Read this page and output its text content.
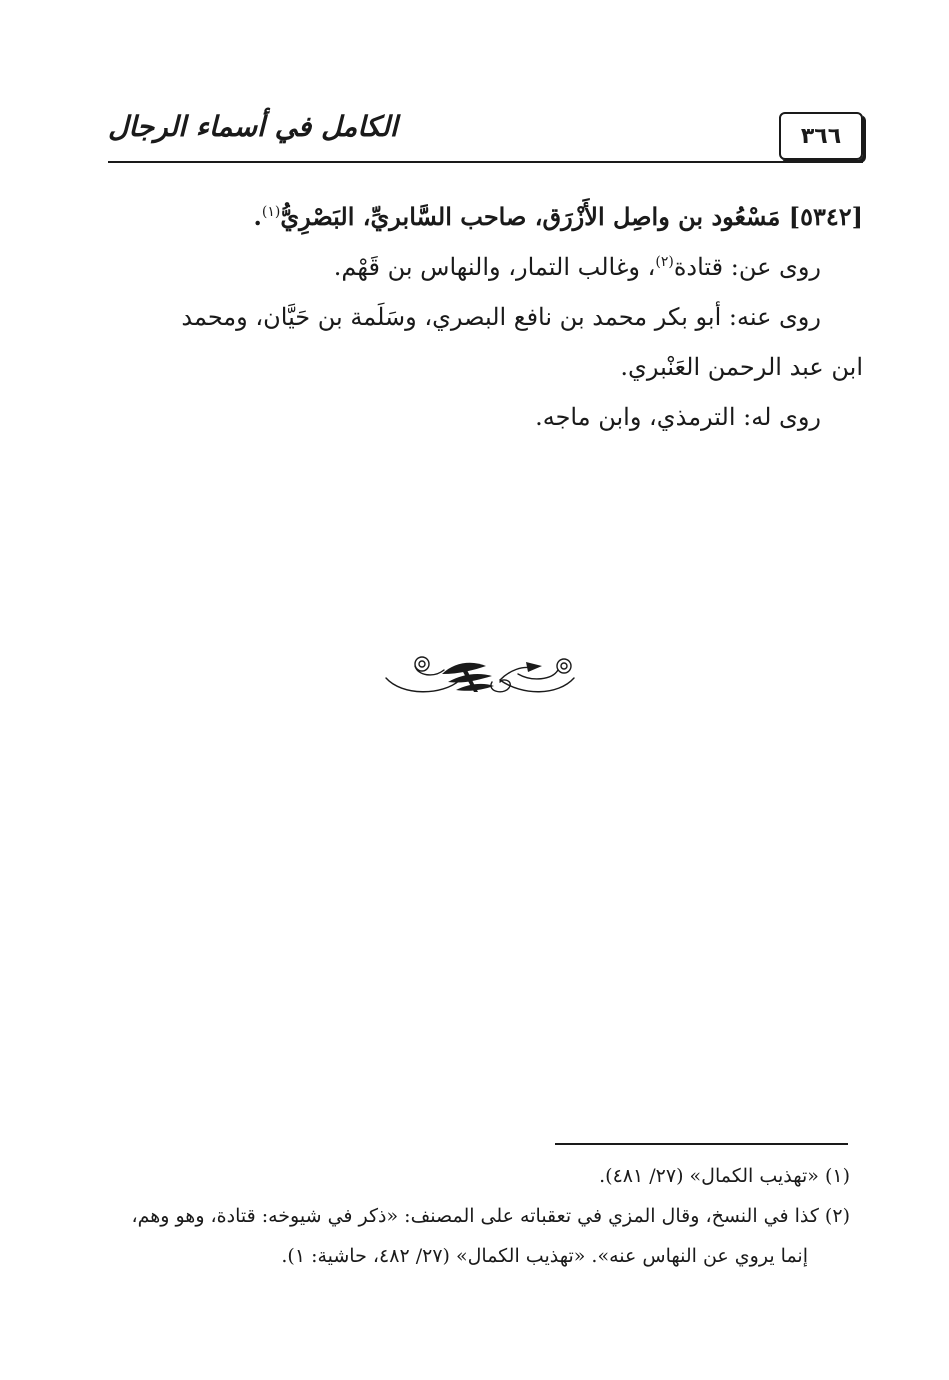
الكامل في أسماء الرجال	٣٦٦
[٥٣٤٢] مَسْعُود بن واصِل الأَزْرَق، صاحب السَّابريِّ، البَصْرِيُّ$^{(١)}$.

روى عن: قتادة$^{(٢)}$، وغالب التمار، والنهاس بن قَهْم.

روى عنه: أبو بكر محمد بن نافع البصري، وسَلَمة بن حَيَّان، ومحمد

ابن عبد الرحمن العَنْبري.

روى له: الترمذي، وابن ماجه.

(١) «تهذيب الكمال» (٢٧/ ٤٨١).

(٢) كذا في النسخ، وقال المزي في تعقباته على المصنف: «ذكر في شيوخه: قتادة، وهو وهم،

إنما يروي عن النهاس عنه». «تهذيب الكمال» (٢٧/ ٤٨٢، حاشية: ١).
